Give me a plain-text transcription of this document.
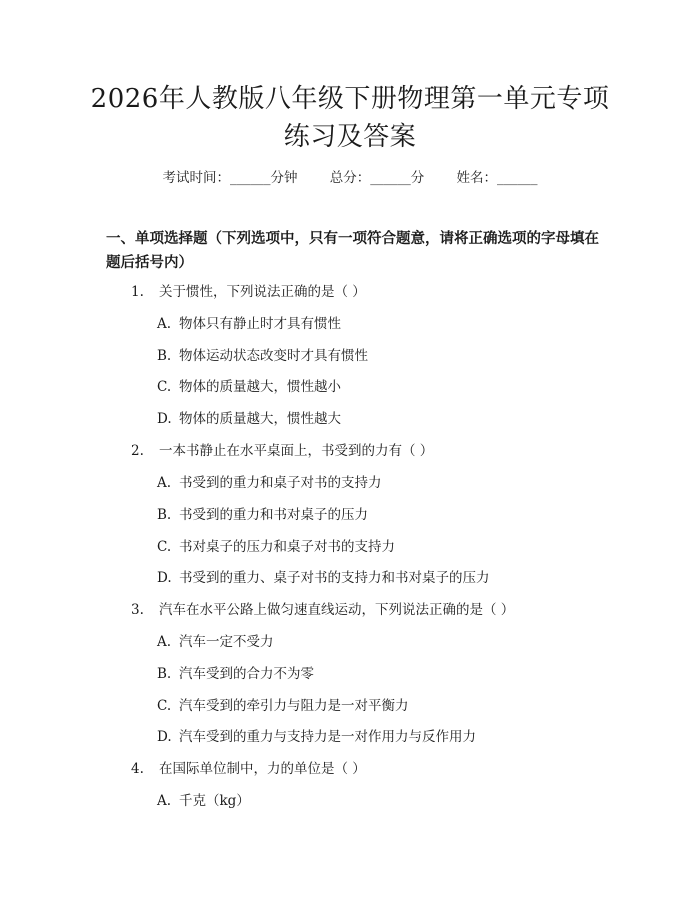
2026年人教版八年级下册物理第一单元专项
练习及答案
考试时间：______分钟 总分：______分 姓名：______
一、单项选择题（下列选项中，只有一项符合题意，请将正确选项的字母填在题后括号内）
1. 关于惯性，下列说法正确的是（ ）
A. 物体只有静止时才具有惯性
B. 物体运动状态改变时才具有惯性
C. 物体的质量越大，惯性越小
D. 物体的质量越大，惯性越大
2. 一本书静止在水平桌面上，书受到的力有（ ）
A. 书受到的重力和桌子对书的支持力
B. 书受到的重力和书对桌子的压力
C. 书对桌子的压力和桌子对书的支持力
D. 书受到的重力、桌子对书的支持力和书对桌子的压力
3. 汽车在水平公路上做匀速直线运动，下列说法正确的是（ ）
A. 汽车一定不受力
B. 汽车受到的合力不为零
C. 汽车受到的牵引力与阻力是一对平衡力
D. 汽车受到的重力与支持力是一对作用力与反作用力
4. 在国际单位制中，力的单位是（ ）
A. 千克（kg）
